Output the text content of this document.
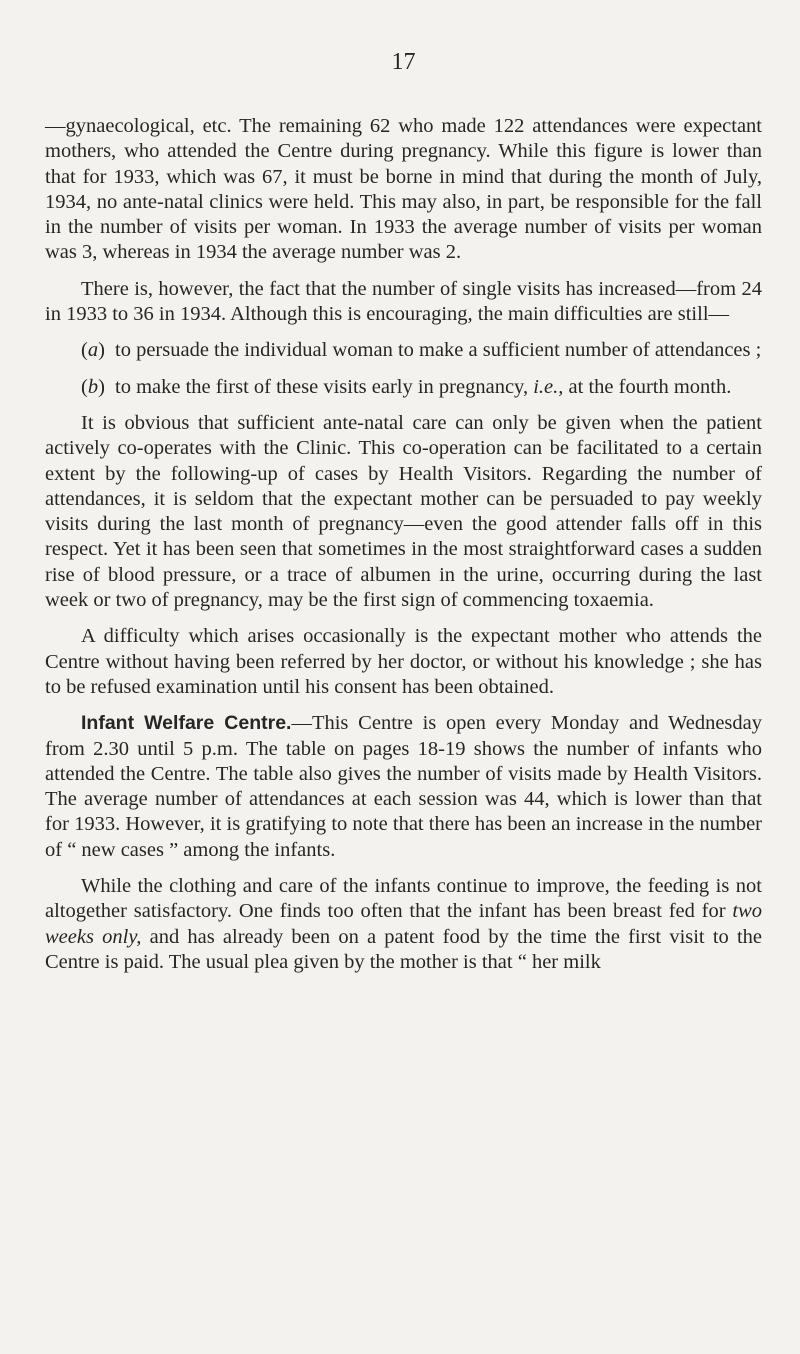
17

—gynaecological, etc. The remaining 62 who made 122 attendances were expectant mothers, who attended the Centre during pregnancy. While this figure is lower than that for 1933, which was 67, it must be borne in mind that during the month of July, 1934, no ante-natal clinics were held. This may also, in part, be responsible for the fall in the number of visits per woman. In 1933 the average number of visits per woman was 3, whereas in 1934 the average number was 2.

There is, however, the fact that the number of single visits has increased—from 24 in 1933 to 36 in 1934. Although this is encouraging, the main difficulties are still—

(a) to persuade the individual woman to make a sufficient number of attendances ;
(b) to make the first of these visits early in pregnancy, i.e., at the fourth month.

It is obvious that sufficient ante-natal care can only be given when the patient actively co-operates with the Clinic. This co-operation can be facilitated to a certain extent by the following-up of cases by Health Visitors. Regarding the number of attendances, it is seldom that the expectant mother can be persuaded to pay weekly visits during the last month of pregnancy—even the good attender falls off in this respect. Yet it has been seen that sometimes in the most straightforward cases a sudden rise of blood pressure, or a trace of albumen in the urine, occurring during the last week or two of pregnancy, may be the first sign of commencing toxaemia.

A difficulty which arises occasionally is the expectant mother who attends the Centre without having been referred by her doctor, or without his knowledge ; she has to be refused examination until his consent has been obtained.

Infant Welfare Centre.—This Centre is open every Monday and Wednesday from 2.30 until 5 p.m. The table on pages 18-19 shows the number of infants who attended the Centre. The table also gives the number of visits made by Health Visitors. The average number of attendances at each session was 44, which is lower than that for 1933. However, it is gratifying to note that there has been an increase in the number of “ new cases ” among the infants.

While the clothing and care of the infants continue to improve, the feeding is not altogether satisfactory. One finds too often that the infant has been breast fed for two weeks only, and has already been on a patent food by the time the first visit to the Centre is paid. The usual plea given by the mother is that “ her milk
